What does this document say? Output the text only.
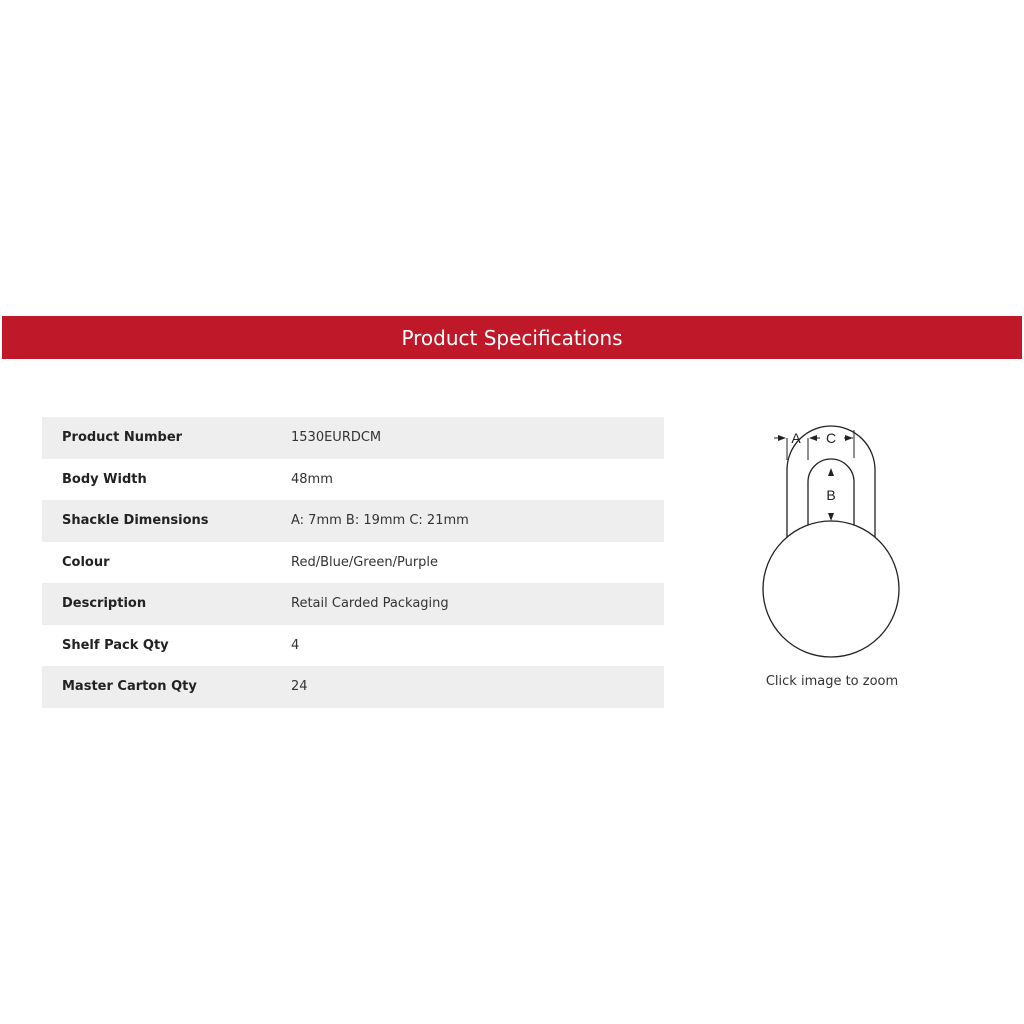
Product Specifications
Product Number	1530EURDCM
Body Width	48mm
Shackle Dimensions	A: 7mm B: 19mm C: 21mm
Colour	Red/Blue/Green/Purple
Description	Retail Carded Packaging
Shelf Pack Qty	4
Master Carton Qty	24
A C
B
Click image to zoom
